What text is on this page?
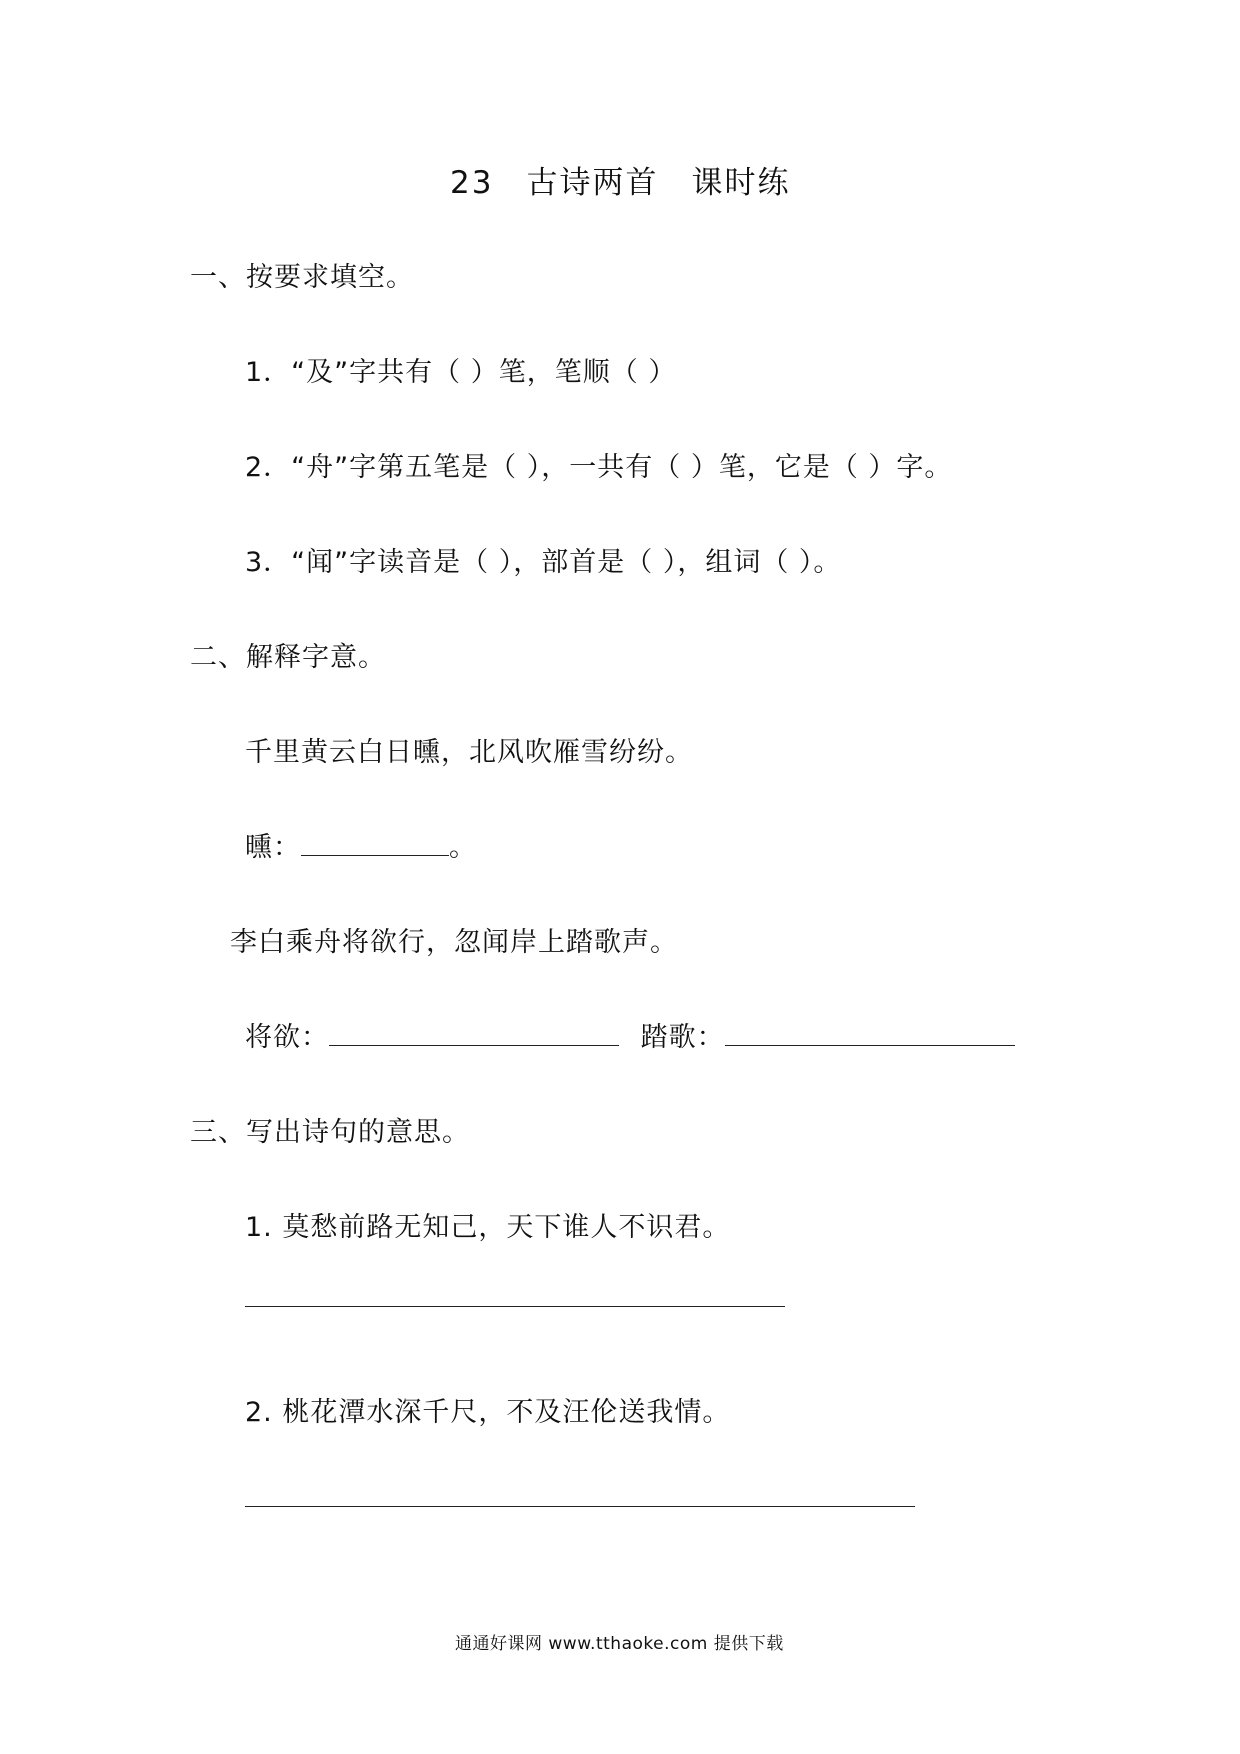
23　古诗两首　课时练
一、按要求填空。
1．“及”字共有（ ）笔，笔顺（ ）
2．“舟”字第五笔是（ ），一共有（ ）笔，它是（ ）字。
3．“闻”字读音是（ ），部首是（ ），组词（ ）。
二、解释字意。
千里黄云白日曛，北风吹雁雪纷纷。
曛：	。
李白乘舟将欲行，忽闻岸上踏歌声。
将欲：	踏歌：
三、写出诗句的意思。
1. 莫愁前路无知己，天下谁人不识君。
2. 桃花潭水深千尺，不及汪伦送我情。
通通好课网 www.tthaoke.com 提供下载
